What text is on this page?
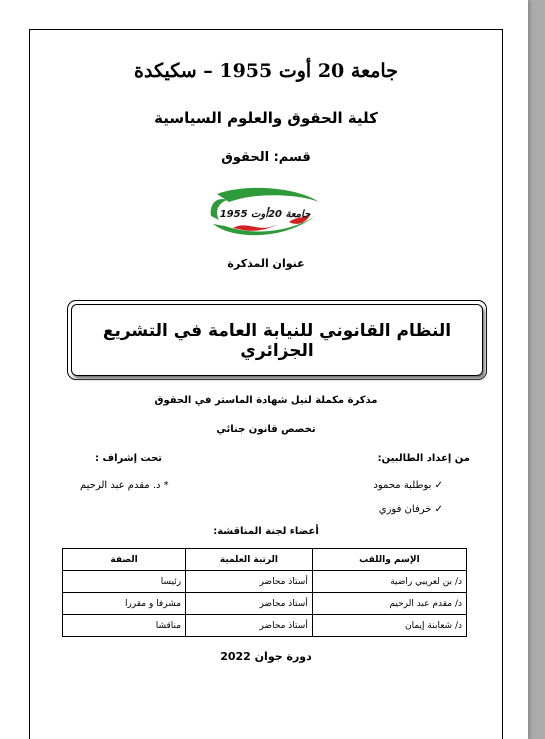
جامعة 20 أوت 1955 – سكيكدة
كلية الحقوق والعلوم السياسية
قسم: الحقوق
جامعة 20أوت 1955
عنوان المذكرة
النظام القانوني للنيابة العامة في التشريع الجزائري
مذكرة مكملة لنيل شهادة الماستر في الحقوق
تخصص قانون جنائي
من إعداد الطالبين:
تحت إشراف :
✓ بوطلبة محمود
✓ خرفان فوزي
* د. مقدم عبد الرحيم
أعضاء لجنة المناقشة:
الإسم واللقب	الرتبة العلمية	الصفة
د/ بن لعريبي راضية	أستاذ محاضر	رئيسا
د/ مقدم عبد الرحيم	أستاذ محاضر	مشرفا و مقررا
د/ شعابنة إيمان	أستاذ محاضر	مناقشا
دورة جوان 2022
